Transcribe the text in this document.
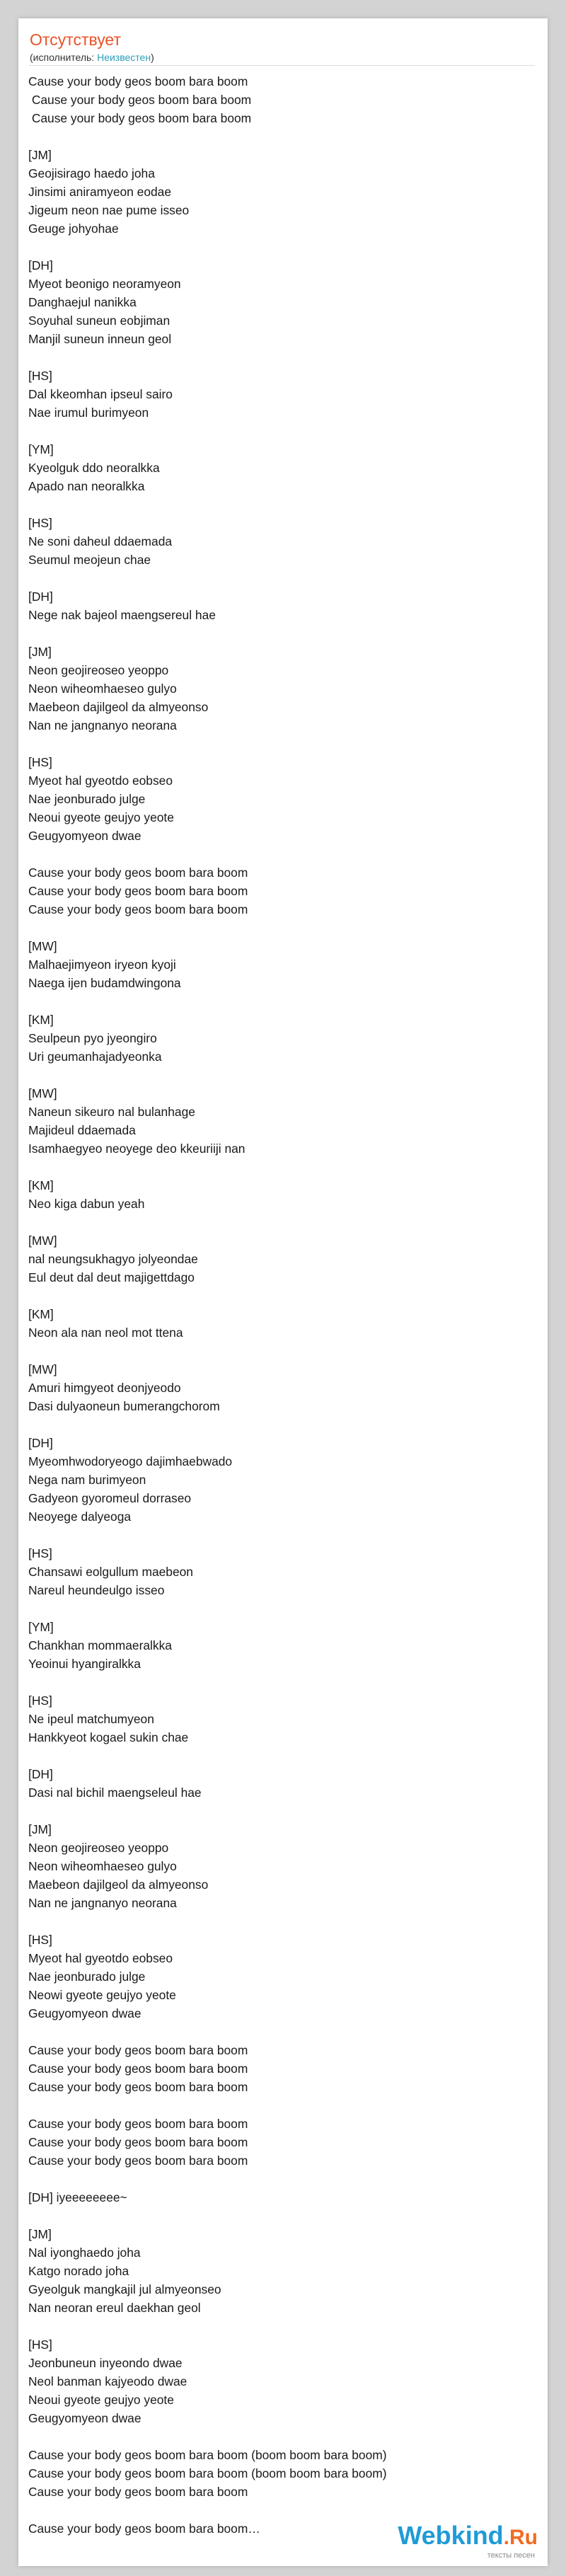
Отсутствует
(исполнитель: Неизвестен)
Cause your body geos boom bara boom
Cause your body geos boom bara boom
Cause your body geos boom bara boom
[JM]
Geojisirago haedo joha
Jinsimi aniramyeon eodae
Jigeum neon nae pume isseo
Geuge johyohae
[DH]
Myeot beonigo neoramyeon
Danghaejul nanikka
Soyuhal suneun eobjiman
Manjil suneun inneun geol
[HS]
Dal kkeomhan ipseul sairo
Nae irumul burimyeon
[YM]
Kyeolguk ddo neoralkka
Apado nan neoralkka
[HS]
Ne soni daheul ddaemada
Seumul meojeun chae
[DH]
Nege nak bajeol maengsereul hae
[JM]
Neon geojireoseo yeoppo
Neon wiheomhaeseo gulyo
Maebeon dajilgeol da almyeonso
Nan ne jangnanyo neorana
[HS]
Myeot hal gyeotdo eobseo
Nae jeonburado julge
Neoui gyeote geujyo yeote
Geugyomyeon dwae
Cause your body geos boom bara boom
Cause your body geos boom bara boom
Cause your body geos boom bara boom
[MW]
Malhaejimyeon iryeon kyoji
Naega ijen budamdwingona
[KM]
Seulpeun pyo jyeongiro
Uri geumanhajadyeonka
[MW]
Naneun sikeuro nal bulanhage
Majideul ddaemada
Isamhaegyeo neoyege deo kkeuriiji nan
[KM]
Neo kiga dabun yeah
[MW]
nal neungsukhagyo jolyeondae
Eul deut dal deut majigettdago
[KM]
Neon ala nan neol mot ttena
[MW]
Amuri himgyeot deonjyeodo
Dasi dulyaoneun bumerangchorom
[DH]
Myeomhwodoryeogo dajimhaebwado
Nega nam burimyeon
Gadyeon gyoromeul dorraseo
Neoyege dalyeoga
[HS]
Chansawi eolgullum maebeon
Nareul heundeulgo isseo
[YM]
Chankhan mommaeralkka
Yeoinui hyangiralkka
[HS]
Ne ipeul matchumyeon
Hankkyeot kogael sukin chae
[DH]
Dasi nal bichil maengseleul hae
[JM]
Neon geojireoseo yeoppo
Neon wiheomhaeseo gulyo
Maebeon dajilgeol da almyeonso
Nan ne jangnanyo neorana
[HS]
Myeot hal gyeotdo eobseo
Nae jeonburado julge
Neowi gyeote geujyo yeote
Geugyomyeon dwae
Cause your body geos boom bara boom
Cause your body geos boom bara boom
Cause your body geos boom bara boom
Cause your body geos boom bara boom
Cause your body geos boom bara boom
Cause your body geos boom bara boom
[DH] iyeeeeeeee~
[JM]
Nal iyonghaedo joha
Katgo norado joha
Gyeolguk mangkajil jul almyeonseo
Nan neoran ereul daekhan geol
[HS]
Jeonbuneun inyeondo dwae
Neol banman kajyeodo dwae
Neoui gyeote geujyo yeote
Geugyomyeon dwae
Cause your body geos boom bara boom (boom boom bara boom)
Cause your body geos boom bara boom (boom boom bara boom)
Cause your body geos boom bara boom
Cause your body geos boom bara boom…	Webkind.Ru
тексты песен
